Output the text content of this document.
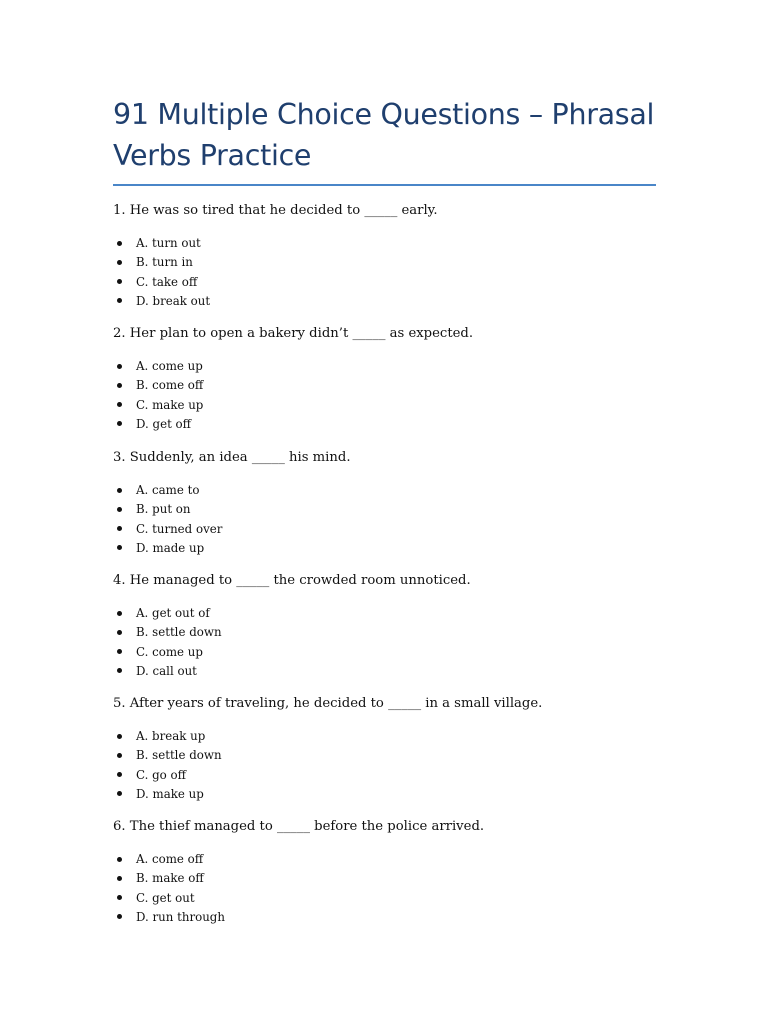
91 Multiple Choice Questions – Phrasal Verbs Practice

1. He was so tired that he decided to _____ early.

A. turn out
B. turn in
C. take off
D. break out

2. Her plan to open a bakery didn’t _____ as expected.

A. come up
B. come off
C. make up
D. get off

3. Suddenly, an idea _____ his mind.

A. came to
B. put on
C. turned over
D. made up

4. He managed to _____ the crowded room unnoticed.

A. get out of
B. settle down
C. come up
D. call out

5. After years of traveling, he decided to _____ in a small village.

A. break up
B. settle down
C. go off
D. make up

6. The thief managed to _____ before the police arrived.

A. come off
B. make off
C. get out
D. run through
